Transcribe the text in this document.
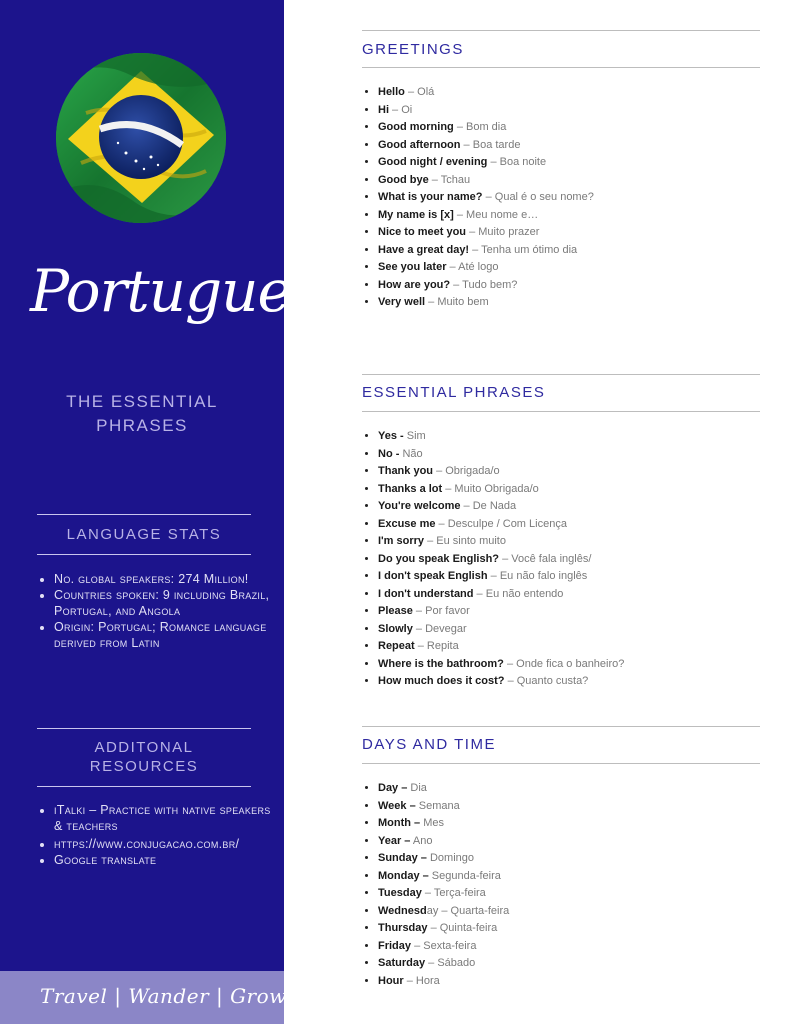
Portuguese
THE ESSENTIAL PHRASES
LANGUAGE STATS
• No. global speakers: 274 Million!
• Countries spoken: 9 including Brazil, Portugal, and Angola
• Origin: Portugal; Romance language derived from Latin
ADDITONAL RESOURCES
• iTalki – Practice with native speakers & teachers
• https://www.conjugacao.com.br/
• Google translate
Travel | Wander | Grow
GREETINGS
• Hello – Olá
• Hi – Oi
• Good morning – Bom dia
• Good afternoon – Boa tarde
• Good night / evening – Boa noite
• Good bye – Tchau
• What is your name? – Qual é o seu nome?
• My name is [x] – Meu nome e…
• Nice to meet you – Muito prazer
• Have a great day! – Tenha um ótimo dia
• See you later – Até logo
• How are you? – Tudo bem?
• Very well – Muito bem
ESSENTIAL PHRASES
• Yes - Sim
• No - Não
• Thank you – Obrigada/o
• Thanks a lot – Muito Obrigada/o
• You're welcome – De Nada
• Excuse me – Desculpe / Com Licença
• I'm sorry – Eu sinto muito
• Do you speak English? – Você fala inglês/
• I don't speak English – Eu não falo inglês
• I don't understand – Eu não entendo
• Please – Por favor
• Slowly – Devegar
• Repeat – Repita
• Where is the bathroom? – Onde fica o banheiro?
• How much does it cost? – Quanto custa?
DAYS AND TIME
• Day – Dia
• Week – Semana
• Month – Mes
• Year – Ano
• Sunday – Domingo
• Monday – Segunda-feira
• Tuesday – Terça-feira
• Wednesday – Quarta-feira
• Thursday – Quinta-feira
• Friday – Sexta-feira
• Saturday – Sábado
• Hour – Hora
